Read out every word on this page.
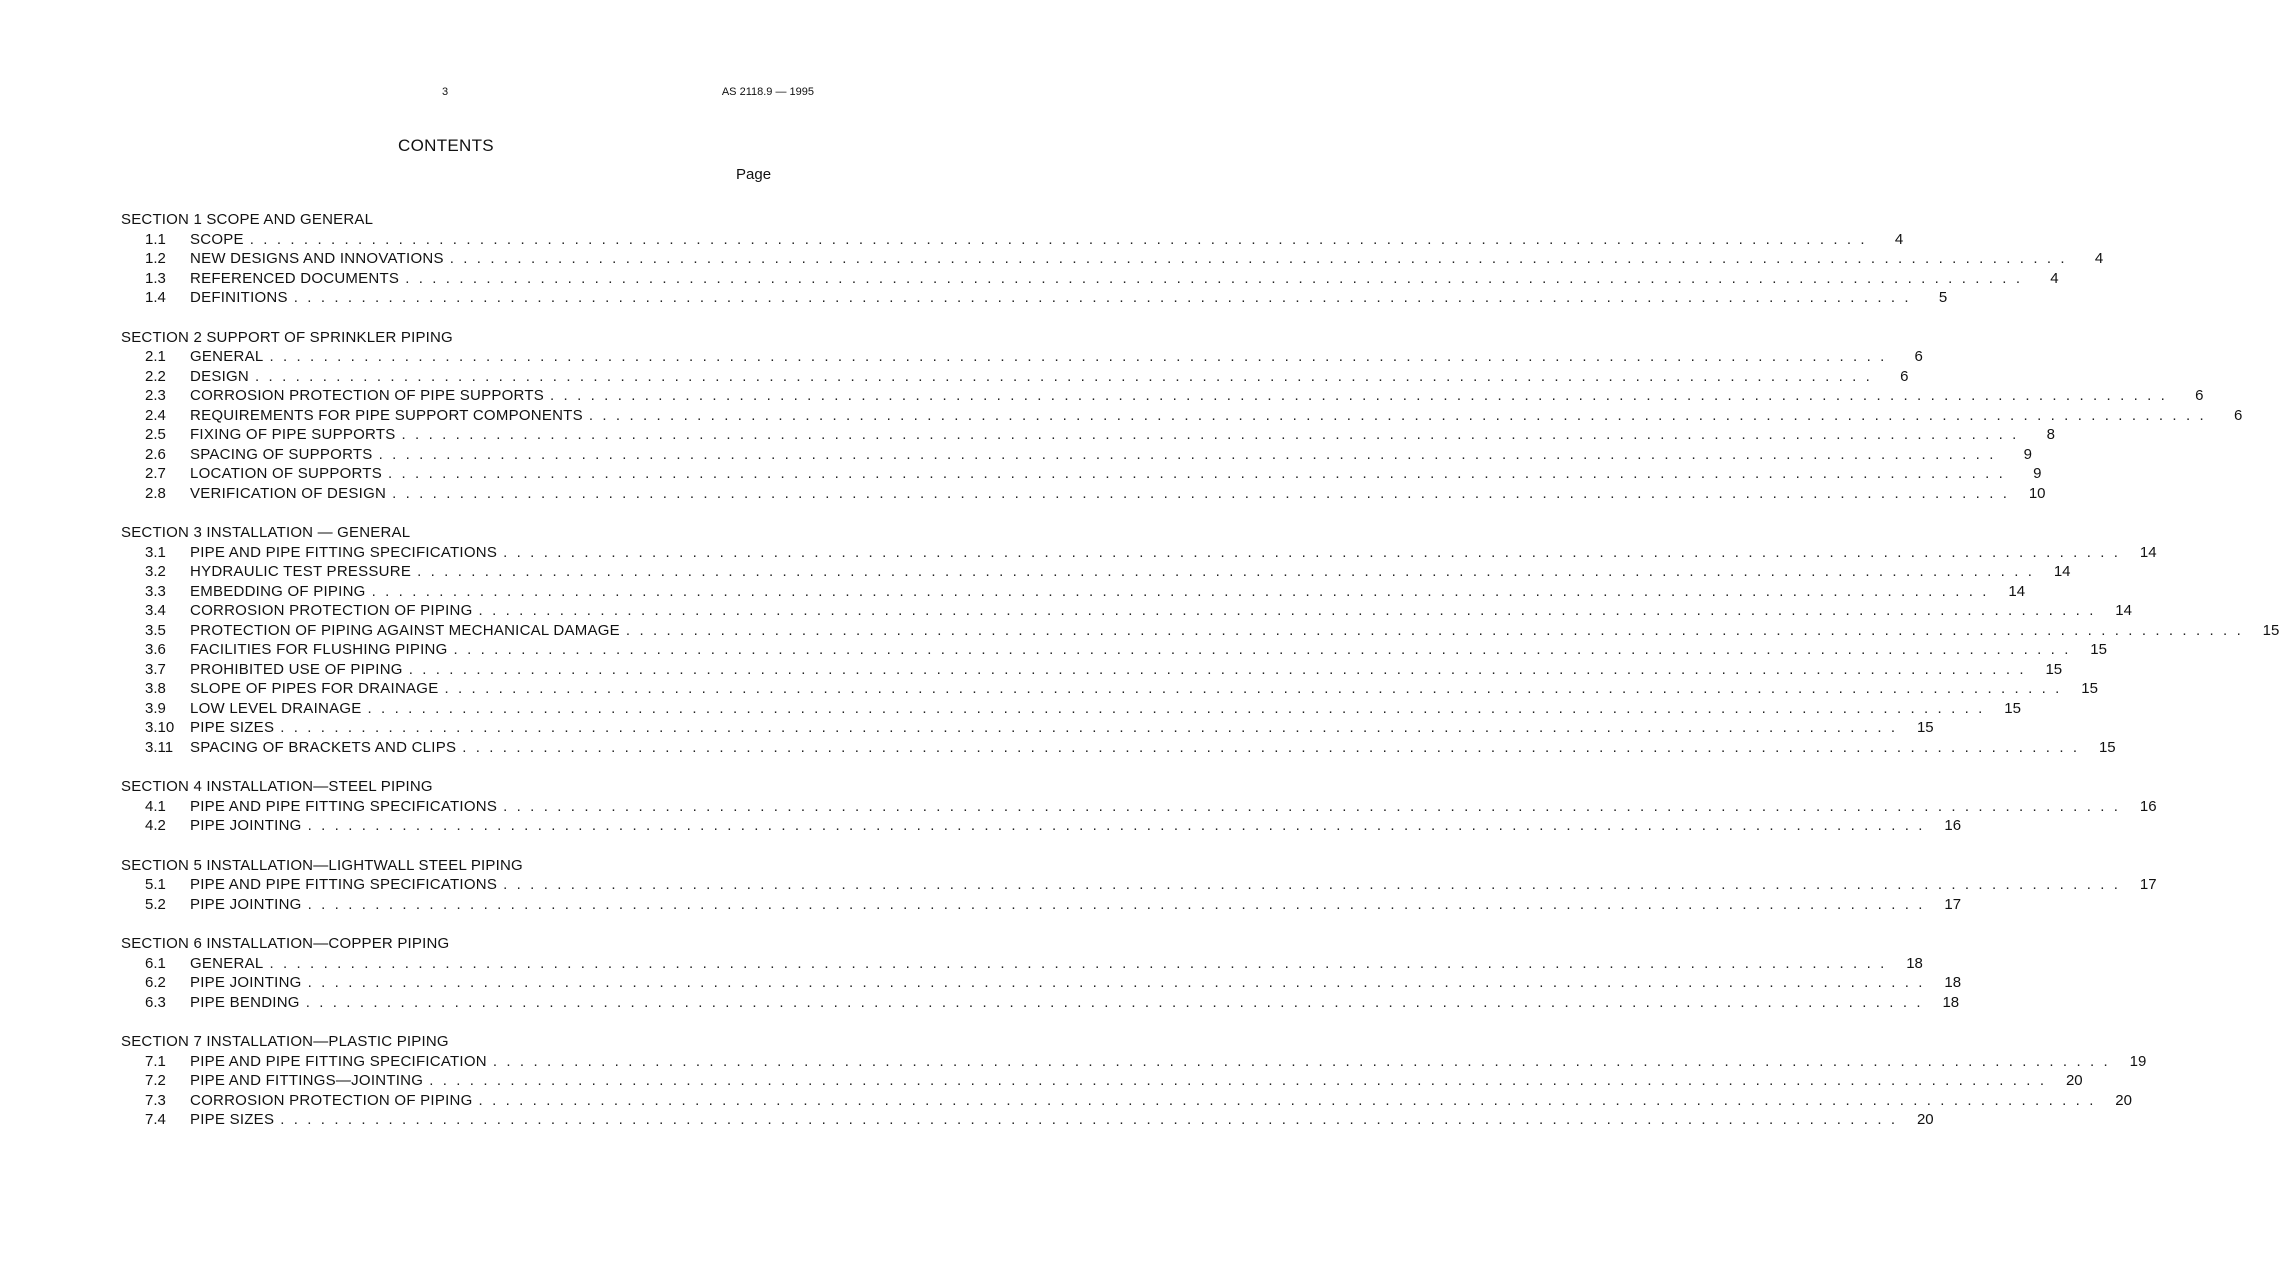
3	AS 2118.9 — 1995
CONTENTS
Page
SECTION 1 SCOPE AND GENERAL
1.1	SCOPE . . . . . . . . . . . . . . . . . . . . . . . . . . . . . . . . . . . . . . . . . . . . . . . . . . . . . . . . . . . . . . . . . . . . . . . . . . . . . . . . . . . . . . . . . . . . . . . . . . . . . . . . . . . . . . . . . . . . . . . .	4
1.2	NEW DESIGNS AND INNOVATIONS . . . . . . . . . . . . . . . . . . . . . . . . . . . . . . . . . . . . . . . . . . . . . . . . . . . . . . . . . . . . . . . . . . . . . . . . . . . . . . . . . . . . . . . . . . . . . . . . . . . . . . . . . . . . . . . . . . . . . . . .	4
1.3	REFERENCED DOCUMENTS . . . . . . . . . . . . . . . . . . . . . . . . . . . . . . . . . . . . . . . . . . . . . . . . . . . . . . . . . . . . . . . . . . . . . . . . . . . . . . . . . . . . . . . . . . . . . . . . . . . . . . . . . . . . . . . . . . . . . . . .	4
1.4	DEFINITIONS . . . . . . . . . . . . . . . . . . . . . . . . . . . . . . . . . . . . . . . . . . . . . . . . . . . . . . . . . . . . . . . . . . . . . . . . . . . . . . . . . . . . . . . . . . . . . . . . . . . . . . . . . . . . . . . . . . . . . . . .	5
SECTION 2 SUPPORT OF SPRINKLER PIPING
2.1	GENERAL . . . . . . . . . . . . . . . . . . . . . . . . . . . . . . . . . . . . . . . . . . . . . . . . . . . . . . . . . . . . . . . . . . . . . . . . . . . . . . . . . . . . . . . . . . . . . . . . . . . . . . . . . . . . . . . . . . . . . . . .	6
2.2	DESIGN . . . . . . . . . . . . . . . . . . . . . . . . . . . . . . . . . . . . . . . . . . . . . . . . . . . . . . . . . . . . . . . . . . . . . . . . . . . . . . . . . . . . . . . . . . . . . . . . . . . . . . . . . . . . . . . . . . . . . . . .	6
2.3	CORROSION PROTECTION OF PIPE SUPPORTS . . . . . . . . . . . . . . . . . . . . . . . . . . . . . . . . . . . . . . . . . . . . . . . . . . . . . . . . . . . . . . . . . . . . . . . . . . . . . . . . . . . . . . . . . . . . . . . . . . . . . . . . . . . . . . . . . . . . . . . .	6
2.4	REQUIREMENTS FOR PIPE SUPPORT COMPONENTS . . . . . . . . . . . . . . . . . . . . . . . . . . . . . . . . . . . . . . . . . . . . . . . . . . . . . . . . . . . . . . . . . . . . . . . . . . . . . . . . . . . . . . . . . . . . . . . . . . . . . . . . . . . . . . . . . . . . . . . .	6
2.5	FIXING OF PIPE SUPPORTS . . . . . . . . . . . . . . . . . . . . . . . . . . . . . . . . . . . . . . . . . . . . . . . . . . . . . . . . . . . . . . . . . . . . . . . . . . . . . . . . . . . . . . . . . . . . . . . . . . . . . . . . . . . . . . . . . . . . . . . .	8
2.6	SPACING OF SUPPORTS . . . . . . . . . . . . . . . . . . . . . . . . . . . . . . . . . . . . . . . . . . . . . . . . . . . . . . . . . . . . . . . . . . . . . . . . . . . . . . . . . . . . . . . . . . . . . . . . . . . . . . . . . . . . . . . . . . . . . . . .	9
2.7	LOCATION OF SUPPORTS . . . . . . . . . . . . . . . . . . . . . . . . . . . . . . . . . . . . . . . . . . . . . . . . . . . . . . . . . . . . . . . . . . . . . . . . . . . . . . . . . . . . . . . . . . . . . . . . . . . . . . . . . . . . . . . . . . . . . . . .	9
2.8	VERIFICATION OF DESIGN . . . . . . . . . . . . . . . . . . . . . . . . . . . . . . . . . . . . . . . . . . . . . . . . . . . . . . . . . . . . . . . . . . . . . . . . . . . . . . . . . . . . . . . . . . . . . . . . . . . . . . . . . . . . . . . . . . . . . . . .	10
SECTION 3 INSTALLATION — GENERAL
3.1	PIPE AND PIPE FITTING SPECIFICATIONS . . . . . . . . . . . . . . . . . . . . . . . . . . . . . . . . . . . . . . . . . . . . . . . . . . . . . . . . . . . . . . . . . . . . . . . . . . . . . . . . . . . . . . . . . . . . . . . . . . . . . . . . . . . . . . . . . . . . . . . .	14
3.2	HYDRAULIC TEST PRESSURE . . . . . . . . . . . . . . . . . . . . . . . . . . . . . . . . . . . . . . . . . . . . . . . . . . . . . . . . . . . . . . . . . . . . . . . . . . . . . . . . . . . . . . . . . . . . . . . . . . . . . . . . . . . . . . . . . . . . . . . .	14
3.3	EMBEDDING OF PIPING . . . . . . . . . . . . . . . . . . . . . . . . . . . . . . . . . . . . . . . . . . . . . . . . . . . . . . . . . . . . . . . . . . . . . . . . . . . . . . . . . . . . . . . . . . . . . . . . . . . . . . . . . . . . . . . . . . . . . . . .	14
3.4	CORROSION PROTECTION OF PIPING . . . . . . . . . . . . . . . . . . . . . . . . . . . . . . . . . . . . . . . . . . . . . . . . . . . . . . . . . . . . . . . . . . . . . . . . . . . . . . . . . . . . . . . . . . . . . . . . . . . . . . . . . . . . . . . . . . . . . . . .	14
3.5	PROTECTION OF PIPING AGAINST MECHANICAL DAMAGE . . . . . . . . . . . . . . . . . . . . . . . . . . . . . . . . . . . . . . . . . . . . . . . . . . . . . . . . . . . . . . . . . . . . . . . . . . . . . . . . . . . . . . . . . . . . . . . . . . . . . . . . . . . . . . . . . . . . . . . .	15
3.6	FACILITIES FOR FLUSHING PIPING . . . . . . . . . . . . . . . . . . . . . . . . . . . . . . . . . . . . . . . . . . . . . . . . . . . . . . . . . . . . . . . . . . . . . . . . . . . . . . . . . . . . . . . . . . . . . . . . . . . . . . . . . . . . . . . . . . . . . . . .	15
3.7	PROHIBITED USE OF PIPING . . . . . . . . . . . . . . . . . . . . . . . . . . . . . . . . . . . . . . . . . . . . . . . . . . . . . . . . . . . . . . . . . . . . . . . . . . . . . . . . . . . . . . . . . . . . . . . . . . . . . . . . . . . . . . . . . . . . . . . .	15
3.8	SLOPE OF PIPES FOR DRAINAGE . . . . . . . . . . . . . . . . . . . . . . . . . . . . . . . . . . . . . . . . . . . . . . . . . . . . . . . . . . . . . . . . . . . . . . . . . . . . . . . . . . . . . . . . . . . . . . . . . . . . . . . . . . . . . . . . . . . . . . . .	15
3.9	LOW LEVEL DRAINAGE . . . . . . . . . . . . . . . . . . . . . . . . . . . . . . . . . . . . . . . . . . . . . . . . . . . . . . . . . . . . . . . . . . . . . . . . . . . . . . . . . . . . . . . . . . . . . . . . . . . . . . . . . . . . . . . . . . . . . . . .	15
3.10	PIPE SIZES . . . . . . . . . . . . . . . . . . . . . . . . . . . . . . . . . . . . . . . . . . . . . . . . . . . . . . . . . . . . . . . . . . . . . . . . . . . . . . . . . . . . . . . . . . . . . . . . . . . . . . . . . . . . . . . . . . . . . . . .	15
3.11	SPACING OF BRACKETS AND CLIPS . . . . . . . . . . . . . . . . . . . . . . . . . . . . . . . . . . . . . . . . . . . . . . . . . . . . . . . . . . . . . . . . . . . . . . . . . . . . . . . . . . . . . . . . . . . . . . . . . . . . . . . . . . . . . . . . . . . . . . . .	15
SECTION 4 INSTALLATION—STEEL PIPING
4.1	PIPE AND PIPE FITTING SPECIFICATIONS . . . . . . . . . . . . . . . . . . . . . . . . . . . . . . . . . . . . . . . . . . . . . . . . . . . . . . . . . . . . . . . . . . . . . . . . . . . . . . . . . . . . . . . . . . . . . . . . . . . . . . . . . . . . . . . . . . . . . . . .	16
4.2	PIPE JOINTING . . . . . . . . . . . . . . . . . . . . . . . . . . . . . . . . . . . . . . . . . . . . . . . . . . . . . . . . . . . . . . . . . . . . . . . . . . . . . . . . . . . . . . . . . . . . . . . . . . . . . . . . . . . . . . . . . . . . . . . .	16
SECTION 5 INSTALLATION—LIGHTWALL STEEL PIPING
5.1	PIPE AND PIPE FITTING SPECIFICATIONS . . . . . . . . . . . . . . . . . . . . . . . . . . . . . . . . . . . . . . . . . . . . . . . . . . . . . . . . . . . . . . . . . . . . . . . . . . . . . . . . . . . . . . . . . . . . . . . . . . . . . . . . . . . . . . . . . . . . . . . .	17
5.2	PIPE JOINTING . . . . . . . . . . . . . . . . . . . . . . . . . . . . . . . . . . . . . . . . . . . . . . . . . . . . . . . . . . . . . . . . . . . . . . . . . . . . . . . . . . . . . . . . . . . . . . . . . . . . . . . . . . . . . . . . . . . . . . . .	17
SECTION 6 INSTALLATION—COPPER PIPING
6.1	GENERAL . . . . . . . . . . . . . . . . . . . . . . . . . . . . . . . . . . . . . . . . . . . . . . . . . . . . . . . . . . . . . . . . . . . . . . . . . . . . . . . . . . . . . . . . . . . . . . . . . . . . . . . . . . . . . . . . . . . . . . . .	18
6.2	PIPE JOINTING . . . . . . . . . . . . . . . . . . . . . . . . . . . . . . . . . . . . . . . . . . . . . . . . . . . . . . . . . . . . . . . . . . . . . . . . . . . . . . . . . . . . . . . . . . . . . . . . . . . . . . . . . . . . . . . . . . . . . . . .	18
6.3	PIPE BENDING . . . . . . . . . . . . . . . . . . . . . . . . . . . . . . . . . . . . . . . . . . . . . . . . . . . . . . . . . . . . . . . . . . . . . . . . . . . . . . . . . . . . . . . . . . . . . . . . . . . . . . . . . . . . . . . . . . . . . . . .	18
SECTION 7 INSTALLATION—PLASTIC PIPING
7.1	PIPE AND PIPE FITTING SPECIFICATION . . . . . . . . . . . . . . . . . . . . . . . . . . . . . . . . . . . . . . . . . . . . . . . . . . . . . . . . . . . . . . . . . . . . . . . . . . . . . . . . . . . . . . . . . . . . . . . . . . . . . . . . . . . . . . . . . . . . . . . .	19
7.2	PIPE AND FITTINGS—JOINTING . . . . . . . . . . . . . . . . . . . . . . . . . . . . . . . . . . . . . . . . . . . . . . . . . . . . . . . . . . . . . . . . . . . . . . . . . . . . . . . . . . . . . . . . . . . . . . . . . . . . . . . . . . . . . . . . . . . . . . . .	20
7.3	CORROSION PROTECTION OF PIPING . . . . . . . . . . . . . . . . . . . . . . . . . . . . . . . . . . . . . . . . . . . . . . . . . . . . . . . . . . . . . . . . . . . . . . . . . . . . . . . . . . . . . . . . . . . . . . . . . . . . . . . . . . . . . . . . . . . . . . . .	20
7.4	PIPE SIZES . . . . . . . . . . . . . . . . . . . . . . . . . . . . . . . . . . . . . . . . . . . . . . . . . . . . . . . . . . . . . . . . . . . . . . . . . . . . . . . . . . . . . . . . . . . . . . . . . . . . . . . . . . . . . . . . . . . . . . . .	20
